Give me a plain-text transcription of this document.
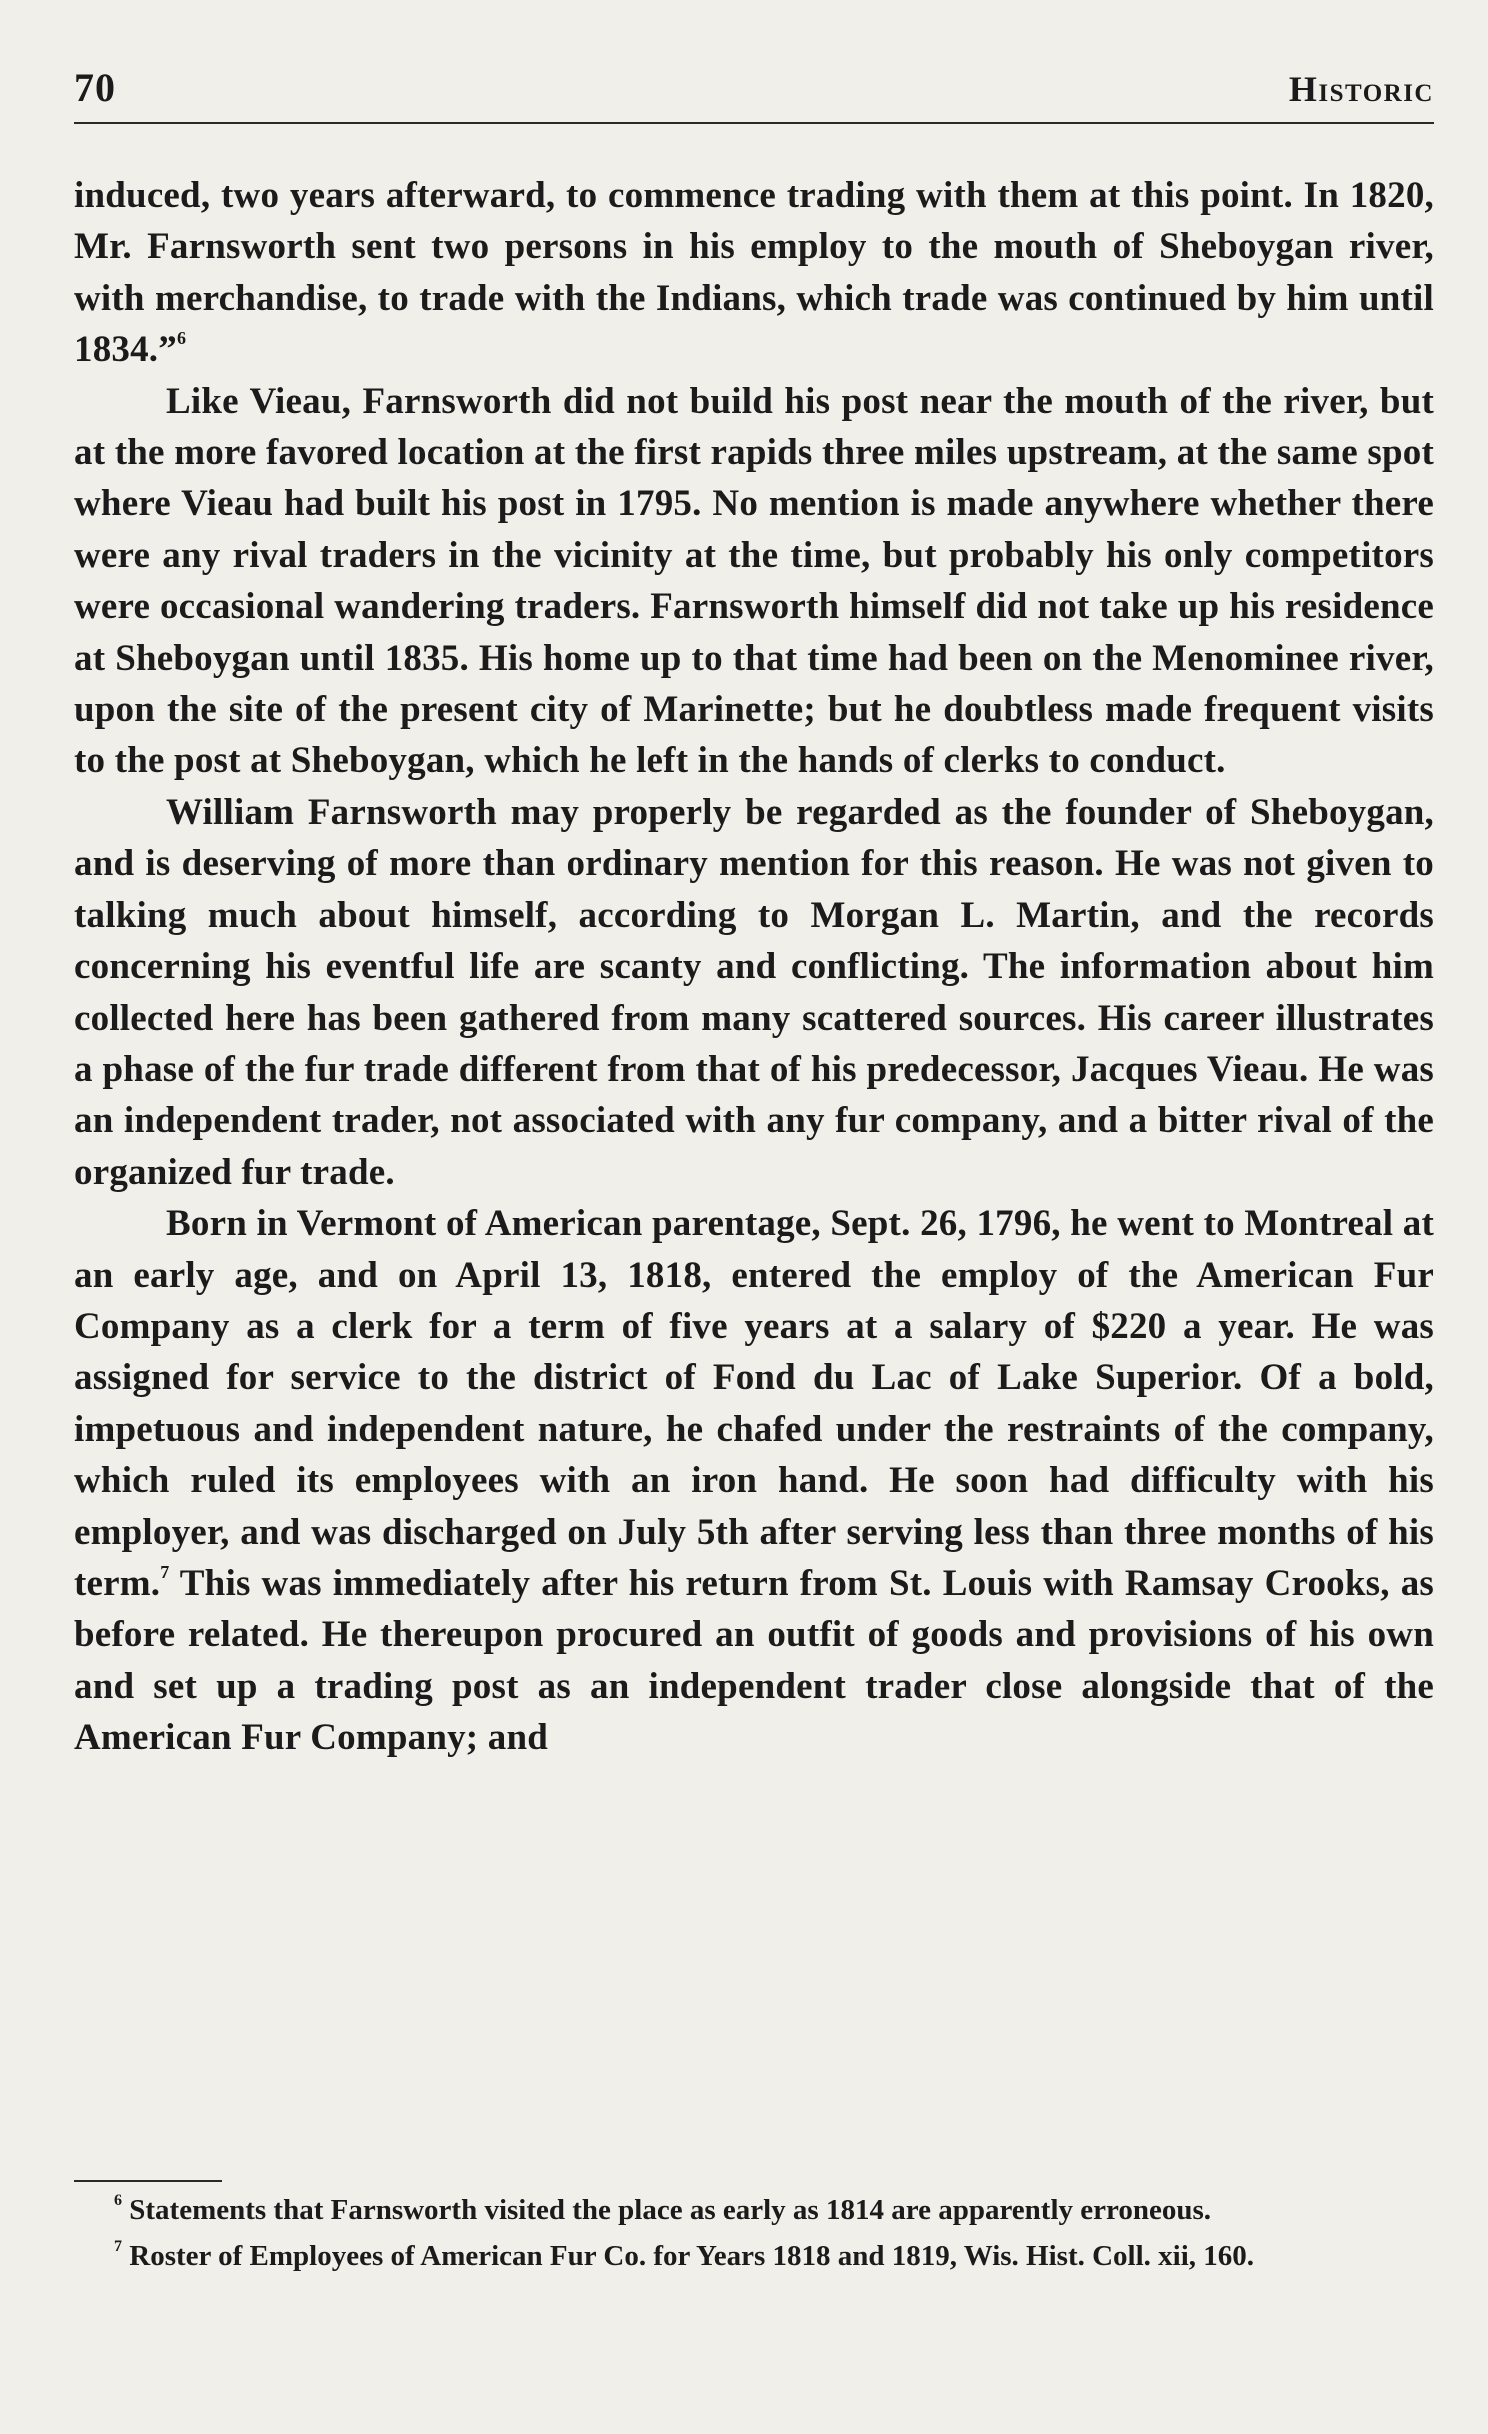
70	Historic

induced, two years afterward, to commence trading with them at this point. In 1820, Mr. Farnsworth sent two persons in his employ to the mouth of Sheboygan river, with merchandise, to trade with the Indians, which trade was continued by him until 1834.”$^6$

Like Vieau, Farnsworth did not build his post near the mouth of the river, but at the more favored location at the first rapids three miles upstream, at the same spot where Vieau had built his post in 1795. No mention is made anywhere whether there were any rival traders in the vicinity at the time, but probably his only competitors were occasional wandering traders. Farnsworth himself did not take up his residence at Sheboygan until 1835. His home up to that time had been on the Menominee river, upon the site of the present city of Marinette; but he doubtless made frequent visits to the post at Sheboygan, which he left in the hands of clerks to conduct.

William Farnsworth may properly be regarded as the founder of Sheboygan, and is deserving of more than ordinary mention for this reason. He was not given to talking much about himself, according to Morgan L. Martin, and the records concerning his eventful life are scanty and conflicting. The information about him collected here has been gathered from many scattered sources. His career illustrates a phase of the fur trade different from that of his predecessor, Jacques Vieau. He was an independent trader, not associated with any fur company, and a bitter rival of the organized fur trade.

Born in Vermont of American parentage, Sept. 26, 1796, he went to Montreal at an early age, and on April 13, 1818, entered the employ of the American Fur Company as a clerk for a term of five years at a salary of $220 a year. He was assigned for service to the district of Fond du Lac of Lake Superior. Of a bold, impetuous and independent nature, he chafed under the restraints of the company, which ruled its employees with an iron hand. He soon had difficulty with his employer, and was discharged on July 5th after serving less than three months of his term.$^7$ This was immediately after his return from St. Louis with Ramsay Crooks, as before related. He thereupon procured an outfit of goods and provisions of his own and set up a trading post as an independent trader close alongside that of the American Fur Company; and

$^6$ Statements that Farnsworth visited the place as early as 1814 are apparently erroneous.

$^7$ Roster of Employees of American Fur Co. for Years 1818 and 1819, Wis. Hist. Coll. xii, 160.
